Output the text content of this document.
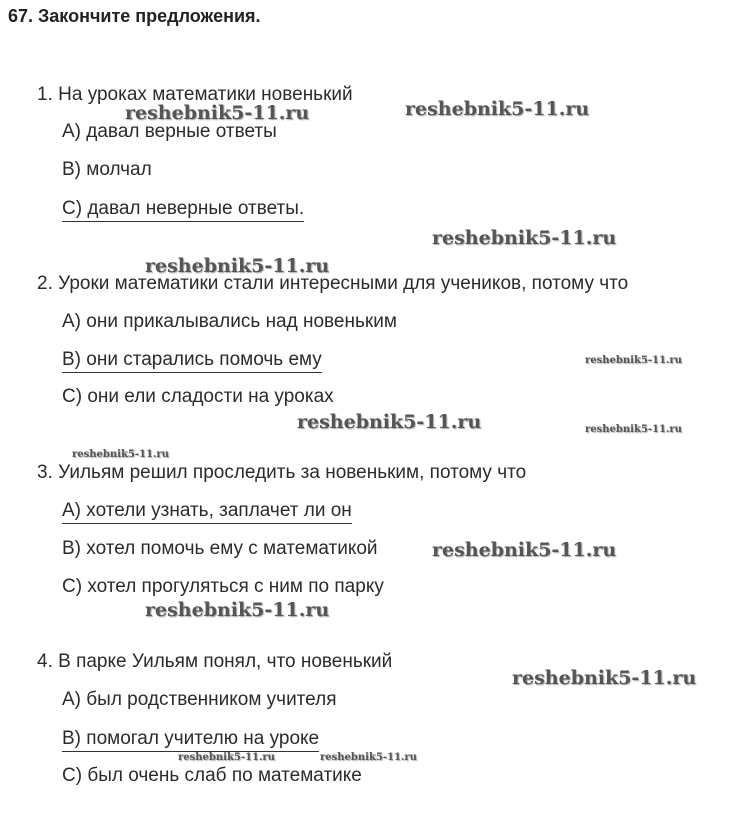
67. Закончите предложения.
1. На уроках математики новенький
A) давал верные ответы
B) молчал
C) давал неверные ответы.
2. Уроки математики стали интересными для учеников, потому что
A) они прикалывались над новеньким
B) они старались помочь ему
C) они ели сладости на уроках
3. Уильям решил проследить за новеньким, потому что
A) хотели узнать, заплачет ли он
B) хотел помочь ему с математикой
C) хотел прогуляться с ним по парку
4. В парке Уильям понял, что новенький
A) был родственником учителя
B) помогал учителю на уроке
C) был очень слаб по математике
reshebnik5-11.ru	reshebnik5-11.ru
reshebnik5-11.ru
reshebnik5-11.ru
reshebnik5-11.ru
reshebnik5-11.ru	reshebnik5-11.ru
reshebnik5-11.ru
reshebnik5-11.ru
reshebnik5-11.ru
reshebnik5-11.ru
reshebnik5-11.ru	reshebnik5-11.ru
